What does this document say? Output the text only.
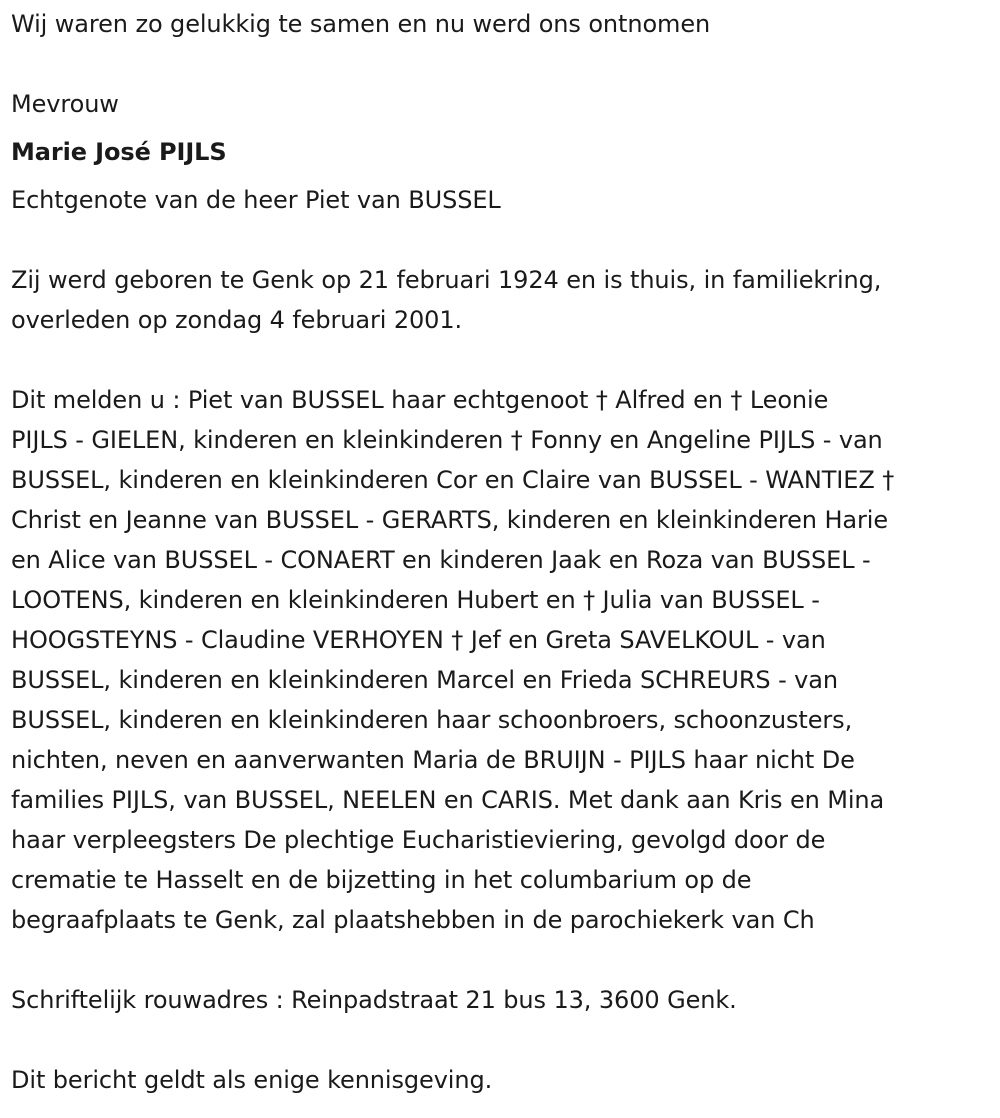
Wij waren zo gelukkig te samen en nu werd ons ontnomen
Mevrouw
Marie José PIJLS
Echtgenote van de heer Piet van BUSSEL
Zij werd geboren te Genk op 21 februari 1924 en is thuis, in familiekring,
overleden op zondag 4 februari 2001.
Dit melden u : Piet van BUSSEL haar echtgenoot † Alfred en † Leonie
PIJLS - GIELEN, kinderen en kleinkinderen † Fonny en Angeline PIJLS - van
BUSSEL, kinderen en kleinkinderen Cor en Claire van BUSSEL - WANTIEZ †
Christ en Jeanne van BUSSEL - GERARTS, kinderen en kleinkinderen Harie
en Alice van BUSSEL - CONAERT en kinderen Jaak en Roza van BUSSEL -
LOOTENS, kinderen en kleinkinderen Hubert en † Julia van BUSSEL -
HOOGSTEYNS - Claudine VERHOYEN † Jef en Greta SAVELKOUL - van
BUSSEL, kinderen en kleinkinderen Marcel en Frieda SCHREURS - van
BUSSEL, kinderen en kleinkinderen haar schoonbroers, schoonzusters,
nichten, neven en aanverwanten Maria de BRUIJN - PIJLS haar nicht De
families PIJLS, van BUSSEL, NEELEN en CARIS. Met dank aan Kris en Mina
haar verpleegsters De plechtige Eucharistieviering, gevolgd door de
crematie te Hasselt en de bijzetting in het columbarium op de
begraafplaats te Genk, zal plaatshebben in de parochiekerk van Ch
Schriftelijk rouwadres : Reinpadstraat 21 bus 13, 3600 Genk.
Dit bericht geldt als enige kennisgeving.
